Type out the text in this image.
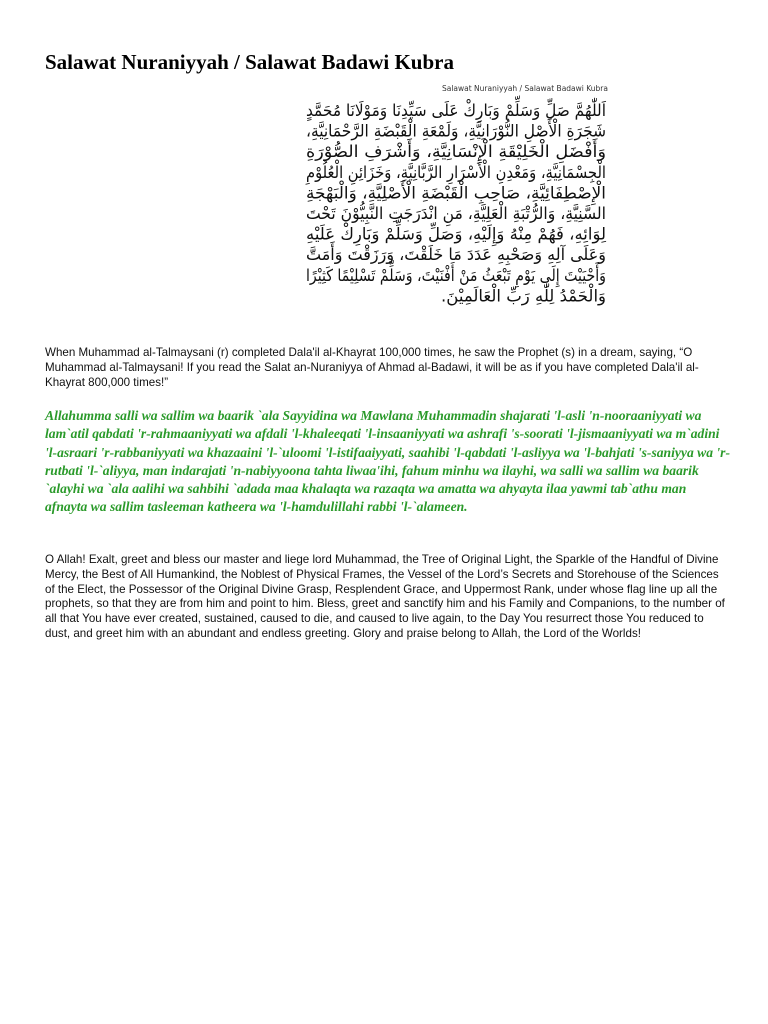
Salawat Nuraniyyah / Salawat Badawi Kubra
Salawat Nuraniyyah / Salawat Badawi Kubra
اَللّٰهُمَّ صَلِّ وَسَلِّمْ وَبَارِكْ عَلَى سَيِّدِنَا وَمَوْلَانَا مُحَمَّدٍ
شَجَرَةِ الْأَصْلِ النُّوْرَانِيَّةِ، وَلَمْعَةِ الْقَبْضَةِ الرَّحْمَانِيَّةِ،
وَأَفْضَلِ الْخَلِيْقَةِ الْإِنْسَانِيَّةِ، وَأَشْرَفِ الصُّوْرَةِ
الْجِسْمَانِيَّةِ، وَمَعْدِنِ الْأَسْرَارِ الرَّبَّانِيَّةِ، وَخَزَائِنِ الْعُلُوْمِ
الْإِصْطِفَائِيَّةِ، صَاحِبِ الْقَبْضَةِ الْأَصْلِيَّةِ، وَالْبَهْجَةِ
السَّنِيَّةِ، وَالرُّتْبَةِ الْعَلِيَّةِ، مَنِ انْدَرَجَتِ النَّبِيُّوْنَ تَحْتَ
لِوَائِهِ، فَهُمْ مِنْهُ وَإِلَيْهِ، وَصَلِّ وَسَلِّمْ وَبَارِكْ عَلَيْهِ
وَعَلَى آلِهِ وَصَحْبِهِ عَدَدَ مَا خَلَقْتَ، وَرَزَقْتَ وَأَمَتَّ
وَأَحْيَيْتَ إِلَى يَوْمِ تَبْعَثُ مَنْ أَفْنَيْتَ، وَسَلِّمْ تَسْلِيْمًا كَثِيْرًا
وَالْحَمْدُ لِلّٰهِ رَبِّ الْعَالَمِيْنَ.

When Muhammad al-Talmaysani (r) completed Dala'il al-Khayrat 100,000 times, he saw the Prophet (s) in a dream, saying, “O Muhammad al-Talmaysani! If you read the Salat an-Nuraniyya of Ahmad al-Badawi, it will be as if you have completed Dala'il al-Khayrat 800,000 times!”

Allahumma salli wa sallim wa baarik `ala Sayyidina wa Mawlana Muhammadin shajarati 'l-asli 'n-nooraaniyyati wa lam`atil qabdati 'r-rahmaaniyyati wa afdali 'l-khaleeqati 'l-insaaniyyati wa ashrafi 's-soorati 'l-jismaaniyyati wa m`adini 'l-asraari 'r-rabbaniyyati wa khazaaini 'l-`uloomi 'l-istifaaiyyati, saahibi 'l-qabdati 'l-asliyya wa 'l-bahjati 's-saniyya wa 'r-rutbati 'l-`aliyya, man indarajati 'n-nabiyyoona tahta liwaa'ihi, fahum minhu wa ilayhi, wa salli wa sallim wa baarik `alayhi wa `ala aalihi wa sahbihi `adada maa khalaqta wa razaqta wa amatta wa ahyayta ilaa yawmi tab`athu man afnayta wa sallim tasleeman katheera wa 'l-hamdulillahi rabbi 'l-`alameen.

O Allah! Exalt, greet and bless our master and liege lord Muhammad, the Tree of Original Light, the Sparkle of the Handful of Divine Mercy, the Best of All Humankind, the Noblest of Physical Frames, the Vessel of the Lord’s Secrets and Storehouse of the Sciences of the Elect, the Possessor of the Original Divine Grasp, Resplendent Grace, and Uppermost Rank, under whose flag line up all the prophets, so that they are from him and point to him. Bless, greet and sanctify him and his Family and Companions, to the number of all that You have ever created, sustained, caused to die, and caused to live again, to the Day You resurrect those You reduced to dust, and greet him with an abundant and endless greeting. Glory and praise belong to Allah, the Lord of the Worlds!
